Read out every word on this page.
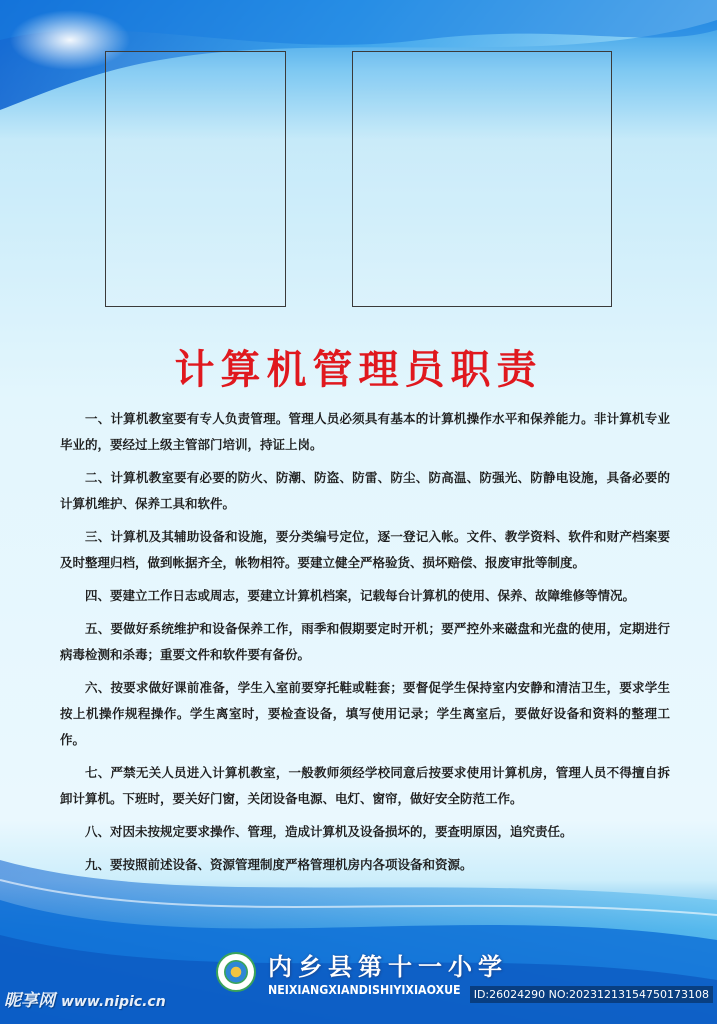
计算机管理员职责

一、计算机教室要有专人负责管理。管理人员必须具有基本的计算机操作水平和保养能力。非计算机专业毕业的，要经过上级主管部门培训，持证上岗。

二、计算机教室要有必要的防火、防潮、防盗、防雷、防尘、防高温、防强光、防静电设施，具备必要的计算机维护、保养工具和软件。

三、计算机及其辅助设备和设施，要分类编号定位，逐一登记入帐。文件、教学资料、软件和财产档案要及时整理归档，做到帐据齐全，帐物相符。要建立健全严格验货、损坏赔偿、报废审批等制度。

四、要建立工作日志或周志，要建立计算机档案，记载每台计算机的使用、保养、故障维修等情况。

五、要做好系统维护和设备保养工作，雨季和假期要定时开机；要严控外来磁盘和光盘的使用，定期进行病毒检测和杀毒；重要文件和软件要有备份。

六、按要求做好课前准备，学生入室前要穿托鞋或鞋套；要督促学生保持室内安静和清洁卫生，要求学生按上机操作规程操作。学生离室时，要检查设备，填写使用记录；学生离室后，要做好设备和资料的整理工作。

七、严禁无关人员进入计算机教室，一般教师须经学校同意后按要求使用计算机房，管理人员不得擅自拆卸计算机。下班时，要关好门窗，关闭设备电源、电灯、窗帘，做好安全防范工作。

八、对因未按规定要求操作、管理，造成计算机及设备损坏的，要查明原因，追究责任。

九、要按照前述设备、资源管理制度严格管理机房内各项设备和资源。

内乡县第十一小学
NEIXIANGXIANDISHIYIXIAOXUE
昵享网 www.nipic.cn	ID:26024290 NO:20231213154750173108
